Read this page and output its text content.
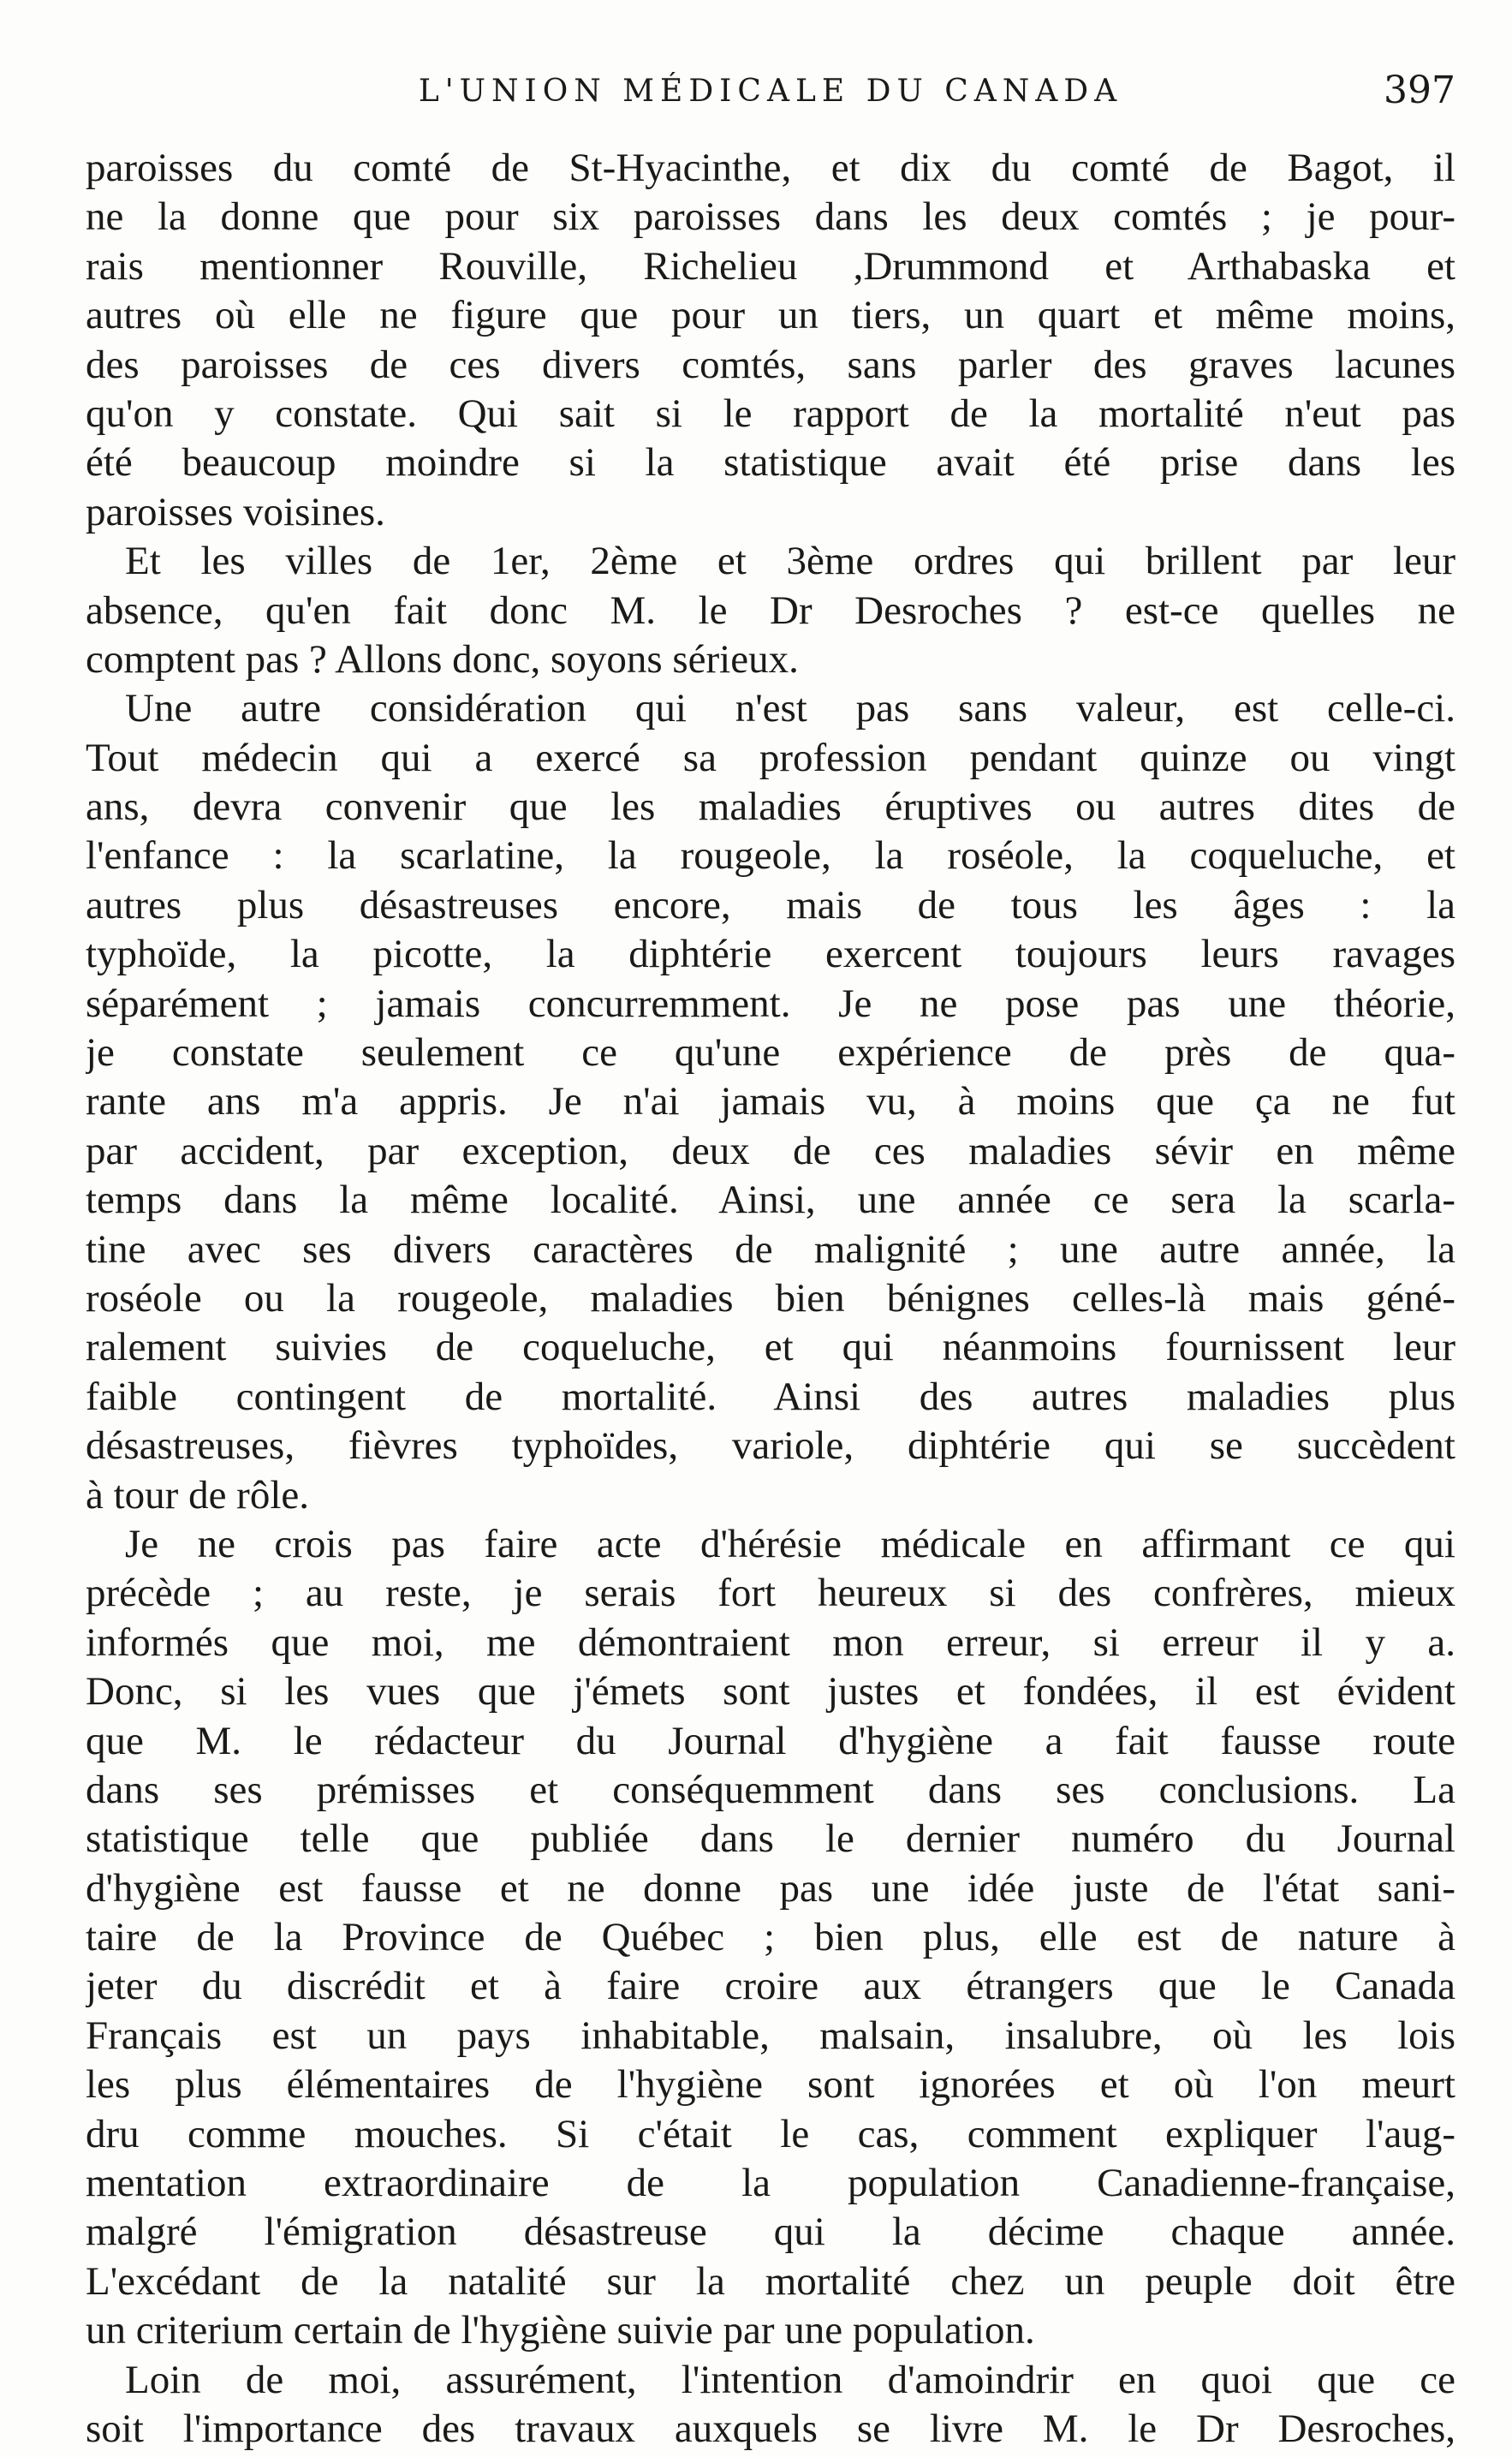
L'UNION MÉDICALE DU CANADA	397
paroisses du comté de St-Hyacinthe, et dix du comté de Bagot, il
ne la donne que pour six paroisses dans les deux comtés ; je pour-
rais mentionner Rouville, Richelieu ,Drummond et Arthabaska et
autres où elle ne figure que pour un tiers, un quart et même moins,
des paroisses de ces divers comtés, sans parler des graves lacunes
qu'on y constate. Qui sait si le rapport de la mortalité n'eut pas
été beaucoup moindre si la statistique avait été prise dans les
paroisses voisines.
Et les villes de 1er, 2ème et 3ème ordres qui brillent par leur
absence, qu'en fait donc M. le Dr Desroches ? est-ce quelles ne
comptent pas ? Allons donc, soyons sérieux.
Une autre considération qui n'est pas sans valeur, est celle-ci.
Tout médecin qui a exercé sa profession pendant quinze ou vingt
ans, devra convenir que les maladies éruptives ou autres dites de
l'enfance : la scarlatine, la rougeole, la roséole, la coqueluche, et
autres plus désastreuses encore, mais de tous les âges : la
typhoïde, la picotte, la diphtérie exercent toujours leurs ravages
séparément ; jamais concurremment. Je ne pose pas une théorie,
je constate seulement ce qu'une expérience de près de qua-
rante ans m'a appris. Je n'ai jamais vu, à moins que ça ne fut
par accident, par exception, deux de ces maladies sévir en même
temps dans la même localité. Ainsi, une année ce sera la scarla-
tine avec ses divers caractères de malignité ; une autre année, la
roséole ou la rougeole, maladies bien bénignes celles-là mais géné-
ralement suivies de coqueluche, et qui néanmoins fournissent leur
faible contingent de mortalité. Ainsi des autres maladies plus
désastreuses, fièvres typhoïdes, variole, diphtérie qui se succèdent
à tour de rôle.
Je ne crois pas faire acte d'hérésie médicale en affirmant ce qui
précède ; au reste, je serais fort heureux si des confrères, mieux
informés que moi, me démontraient mon erreur, si erreur il y a.
Donc, si les vues que j'émets sont justes et fondées, il est évident
que M. le rédacteur du Journal d'hygiène a fait fausse route
dans ses prémisses et conséquemment dans ses conclusions. La
statistique telle que publiée dans le dernier numéro du Journal
d'hygiène est fausse et ne donne pas une idée juste de l'état sani-
taire de la Province de Québec ; bien plus, elle est de nature à
jeter du discrédit et à faire croire aux étrangers que le Canada
Français est un pays inhabitable, malsain, insalubre, où les lois
les plus élémentaires de l'hygiène sont ignorées et où l'on meurt
dru comme mouches. Si c'était le cas, comment expliquer l'aug-
mentation extraordinaire de la population Canadienne-française,
malgré l'émigration désastreuse qui la décime chaque année.
L'excédant de la natalité sur la mortalité chez un peuple doit être
un criterium certain de l'hygiène suivie par une population.
Loin de moi, assurément, l'intention d'amoindrir en quoi que ce
soit l'importance des travaux auxquels se livre M. le Dr Desroches,
